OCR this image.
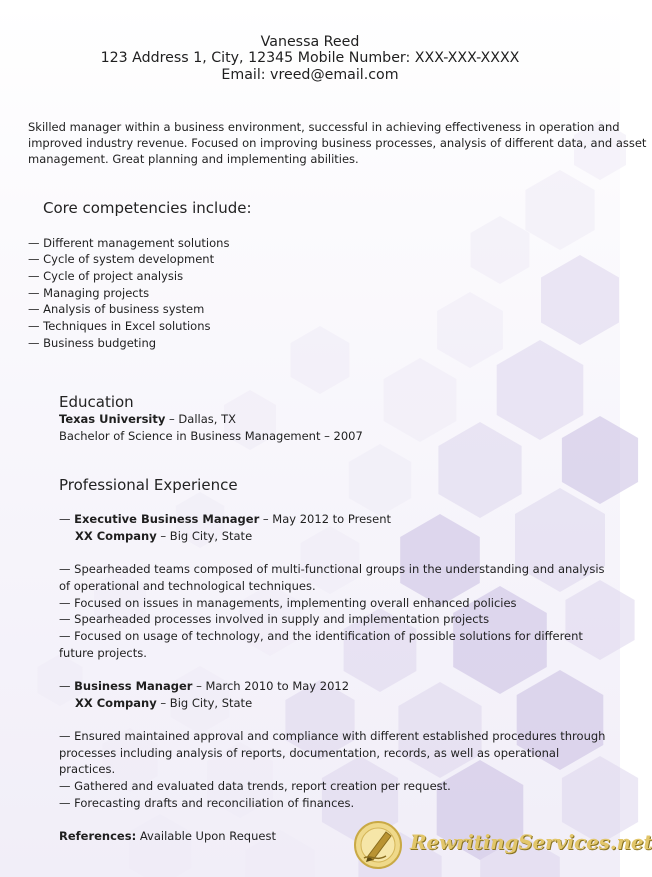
Vanessa Reed
123 Address 1, City, 12345 Mobile Number: XXX-XXX-XXXX
Email: vreed@email.com
Skilled manager within a business environment, successful in achieving effectiveness in operation and
improved industry revenue. Focused on improving business processes, analysis of different data, and asset
management. Great planning and implementing abilities.
Core competencies include:
— Different management solutions
— Cycle of system development
— Cycle of project analysis
— Managing projects
— Analysis of business system
— Techniques in Excel solutions
— Business budgeting
Education
Texas University – Dallas, TX
Bachelor of Science in Business Management – 2007
Professional Experience
— Executive Business Manager – May 2012 to Present
XX Company – Big City, State
— Spearheaded teams composed of multi-functional groups in the understanding and analysis
of operational and technological techniques.
— Focused on issues in managements, implementing overall enhanced policies
— Spearheaded processes involved in supply and implementation projects
— Focused on usage of technology, and the identification of possible solutions for different
future projects.
— Business Manager – March 2010 to May 2012
XX Company – Big City, State
— Ensured maintained approval and compliance with different established procedures through
processes including analysis of reports, documentation, records, as well as operational
practices.
— Gathered and evaluated data trends, report creation per request.
— Forecasting drafts and reconciliation of finances.
References: Available Upon Request	RewritingServices.net
